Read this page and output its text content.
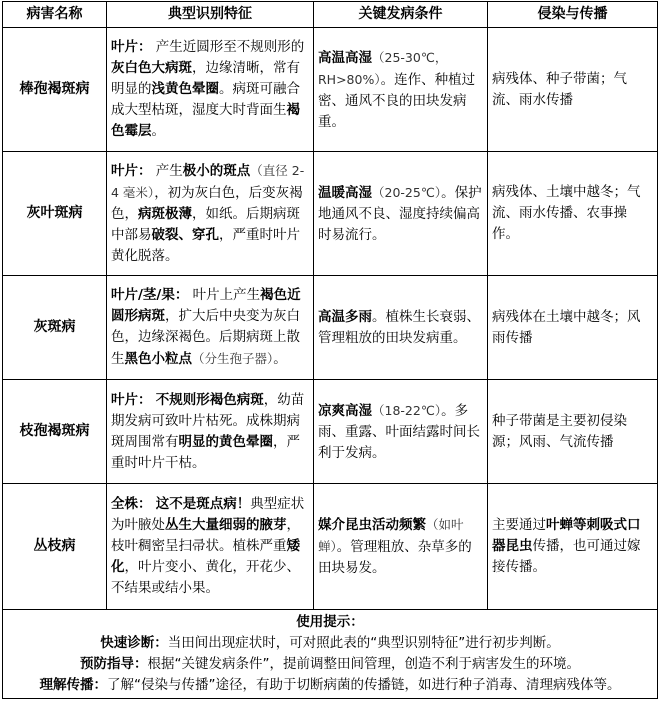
病害名称	典型识别特征	关键发病条件	侵染与传播
棒孢褐斑病	叶片： 产生近圆形至不规则形的灰白色大病斑，边缘清晰，常有明显的浅黄色晕圈。病斑可融合成大型枯斑，湿度大时背面生褐色霉层。	高温高湿（25-30℃，RH>80%）。连作、种植过密、通风不良的田块发病重。	病残体、种子带菌；气流、雨水传播
灰叶斑病	叶片： 产生极小的斑点（直径 2-4 毫米），初为灰白色，后变灰褐色，病斑极薄，如纸。后期病斑中部易破裂、穿孔，严重时叶片黄化脱落。	温暖高湿（20-25℃）。保护地通风不良、湿度持续偏高时易流行。	病残体、土壤中越冬；气流、雨水传播、农事操作。
灰斑病	叶片/茎/果： 叶片上产生褐色近圆形病斑，扩大后中央变为灰白色，边缘深褐色。后期病斑上散生黑色小粒点（分生孢子器）。	高温多雨。植株生长衰弱、管理粗放的田块发病重。	病残体在土壤中越冬；风雨传播
枝孢褐斑病	叶片： 不规则形褐色病斑，幼苗期发病可致叶片枯死。成株期病斑周围常有明显的黄色晕圈，严重时叶片干枯。	凉爽高湿（18-22℃）。多雨、重露、叶面结露时间长利于发病。	种子带菌是主要初侵染源；风雨、气流传播
丛枝病	全株： 这不是斑点病！典型症状为叶腋处丛生大量细弱的腋芽，枝叶稠密呈扫帚状。植株严重矮化，叶片变小、黄化，开花少、不结果或结小果。	媒介昆虫活动频繁（如叶蝉）。管理粗放、杂草多的田块易发。	主要通过叶蝉等刺吸式口器昆虫传播，也可通过嫁接传播。

使用提示：
快速诊断：当田间出现症状时，可对照此表的“典型识别特征”进行初步判断。
预防指导：根据“关键发病条件”，提前调整田间管理，创造不利于病害发生的环境。
理解传播：了解“侵染与传播”途径，有助于切断病菌的传播链，如进行种子消毒、清理病残体等。			
